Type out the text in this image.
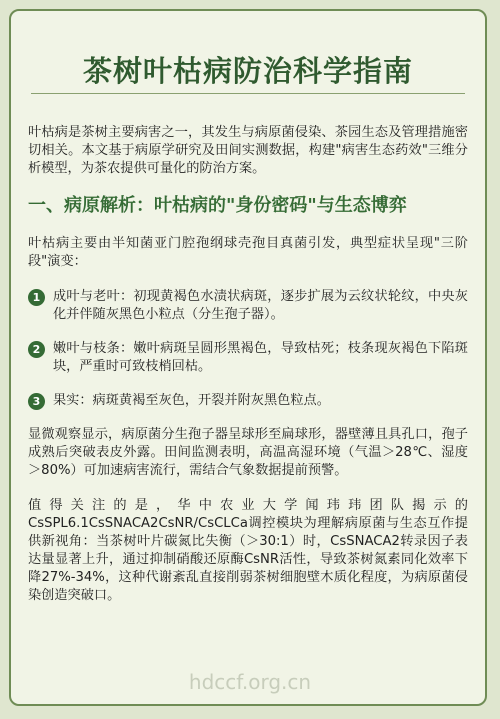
茶树叶枯病防治科学指南

叶枯病是茶树主要病害之一，其发生与病原菌侵染、茶园生态及管理措施密切相关。本文基于病原学研究及田间实测数据，构建"病害生态药效"三维分析模型，为茶农提供可量化的防治方案。

一、病原解析：叶枯病的"身份密码"与生态博弈

叶枯病主要由半知菌亚门腔孢纲球壳孢目真菌引发，典型症状呈现"三阶段"演变：

1 成叶与老叶：初现黄褐色水渍状病斑，逐步扩展为云纹状轮纹，中央灰化并伴随灰黑色小粒点（分生孢子器）。

2 嫩叶与枝条：嫩叶病斑呈圆形黑褐色，导致枯死；枝条现灰褐色下陷斑块，严重时可致枝梢回枯。

3 果实：病斑黄褐至灰色，开裂并附灰黑色粒点。

显微观察显示，病原菌分生孢子器呈球形至扁球形，器壁薄且具孔口，孢子成熟后突破表皮外露。田间监测表明，高温高湿环境（气温＞28℃、湿度＞80%）可加速病害流行，需结合气象数据提前预警。

值得关注的是，华中农业大学闻玮玮团队揭示的CsSPL6.1CsSNACA2CsNR/CsCLCa调控模块为理解病原菌与生态互作提供新视角：当茶树叶片碳氮比失衡（＞30:1）时，CsSNACA2转录因子表达量显著上升，通过抑制硝酸还原酶CsNR活性，导致茶树氮素同化效率下降27%-34%，这种代谢紊乱直接削弱茶树细胞壁木质化程度，为病原菌侵染创造突破口。

hdccf.org.cn
